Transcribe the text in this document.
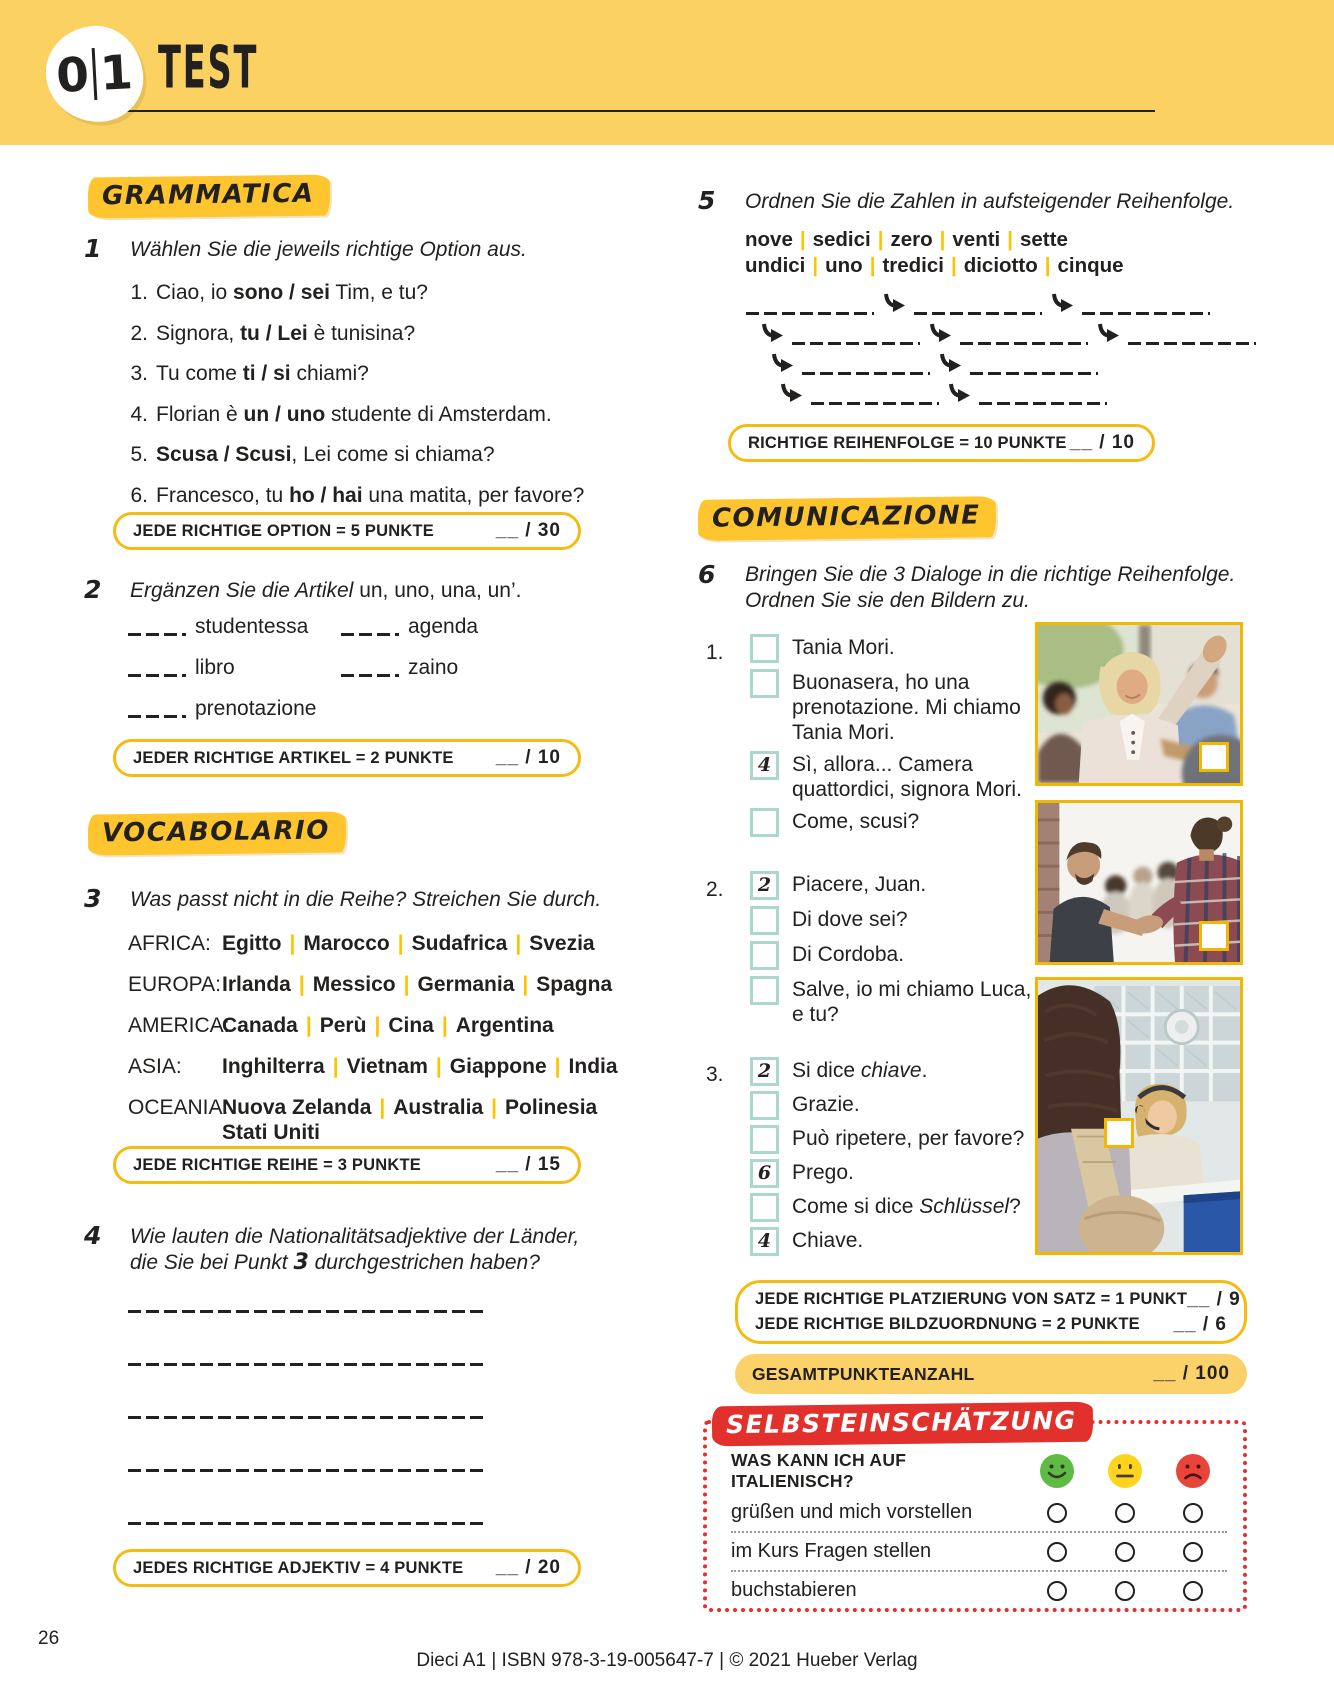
0 1 TEST
GRAMMATICA
1 Wählen Sie die jeweils richtige Option aus.
1. Ciao, io sono / sei Tim, e tu?
2. Signora, tu / Lei è tunisina?
3. Tu come ti / si chiami?
4. Florian è un / uno studente di Amsterdam.
5. Scusa / Scusi, Lei come si chiama?
6. Francesco, tu ho / hai una matita, per favore?
JEDE RICHTIGE OPTION = 5 PUNKTE	__ / 30
2 Ergänzen Sie die Artikel un, uno, una, un’.
studentessa	agenda
libro	zaino
prenotazione
JEDER RICHTIGE ARTIKEL = 2 PUNKTE __ / 10
VOCABOLARIO
3 Was passt nicht in die Reihe? Streichen Sie durch.
AFRICA: Egitto | Marocco | Sudafrica | Svezia
EUROPA: Irlanda | Messico | Germania | Spagna
AMERICA:
Canada | Perù | Cina | Argentina
ASIA:	Inghilterra | Vietnam | Giappone | India
OCEANIA:
Nuova Zelanda | Australia | Polinesia
Stati Uniti
JEDE RICHTIGE REIHE = 3 PUNKTE	__ / 15
4 Wie lauten die Nationalitätsadjektive der Länder, die Sie bei Punkt 3 durchgestrichen haben?
JEDES RICHTIGE ADJEKTIV = 4 PUNKTE __ / 20
5 Ordnen Sie die Zahlen in aufsteigender Reihenfolge.
nove | sedici | zero | venti | sette
undici | uno | tredici | diciotto | cinque
RICHTIGE REIHENFOLGE = 10 PUNKTE __ / 10
COMUNICAZIONE
6 Bringen Sie die 3 Dialoge in die richtige Reihenfolge.
Ordnen Sie sie den Bildern zu.
1.	Tania Mori.
Buonasera, ho una prenotazione. Mi chiamo Tania Mori.
4 Sì, allora... Camera quattordici, signora Mori.
Come, scusi?
2. 2 Piacere, Juan.
Di dove sei?
Di Cordoba.
Salve, io mi chiamo Luca, e tu?
3. 2 Si dice chiave.
Grazie.
Può ripetere, per favore?
6 Prego.
Come si dice Schlüssel?
4 Chiave.
JEDE RICHTIGE PLATZIERUNG VON SATZ = 1 PUNKT __ / 9
JEDE RICHTIGE BILDZUORDNUNG = 2 PUNKTE __ / 6
GESAMTPUNKTEANZAHL	__ / 100
WAS KANN ICH AUF ITALIENISCH?
grüßen und mich vorstellen
im Kurs Fragen stellen
buchstabieren
SELBSTEINSCHÄTZUNG
26
Dieci A1 | ISBN 978-3-19-005647-7 | © 2021 Hueber Verlag
